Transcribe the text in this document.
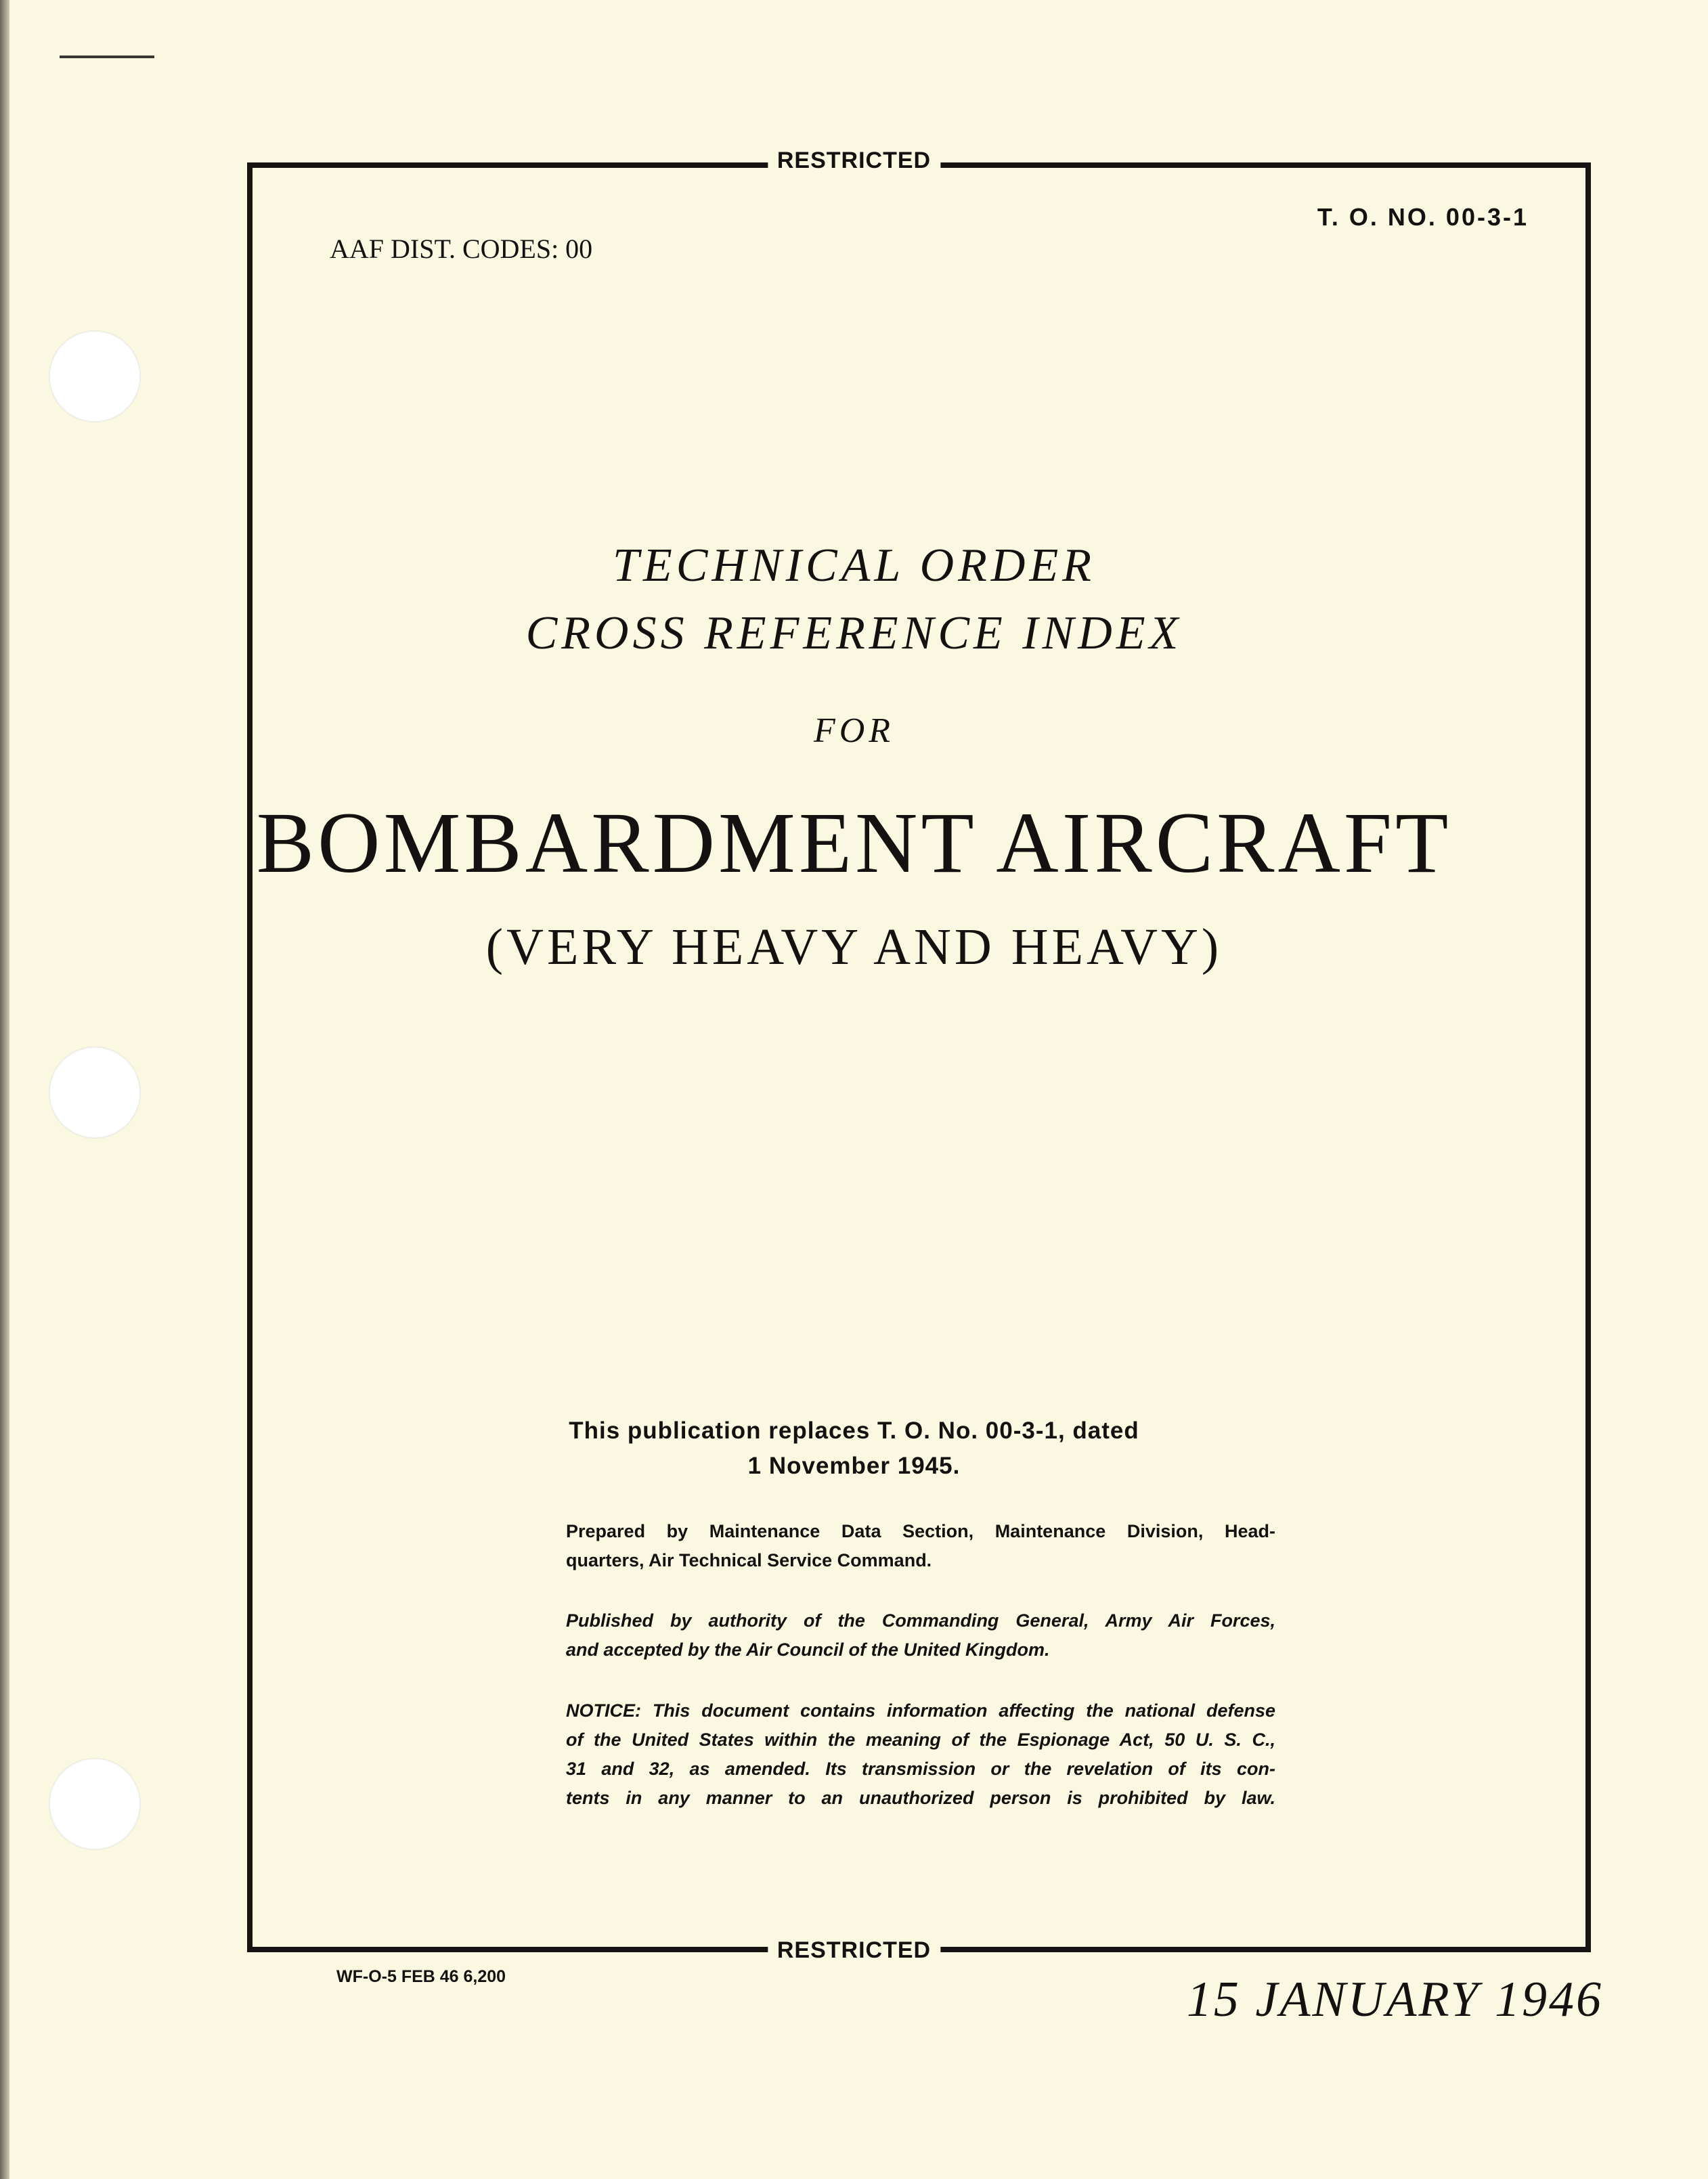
RESTRICTED
RESTRICTED
AAF DIST. CODES: 00
T. O. NO. 00-3-1
TECHNICAL ORDER
CROSS REFERENCE INDEX
FOR
BOMBARDMENT AIRCRAFT
(VERY HEAVY AND HEAVY)
This publication replaces T. O. No. 00-3-1, dated
1 November 1945.
Prepared by Maintenance Data Section, Maintenance Division, Head-
quarters, Air Technical Service Command.
Published by authority of the Commanding General, Army Air Forces,
and accepted by the Air Council of the United Kingdom.
NOTICE: This document contains information affecting the national defense
of the United States within the meaning of the Espionage Act, 50 U. S. C.,
31 and 32, as amended. Its transmission or the revelation of its con-
tents in any manner to an unauthorized person is prohibited by law.
WF-O-5 FEB 46 6,200	15 JANUARY 1946
